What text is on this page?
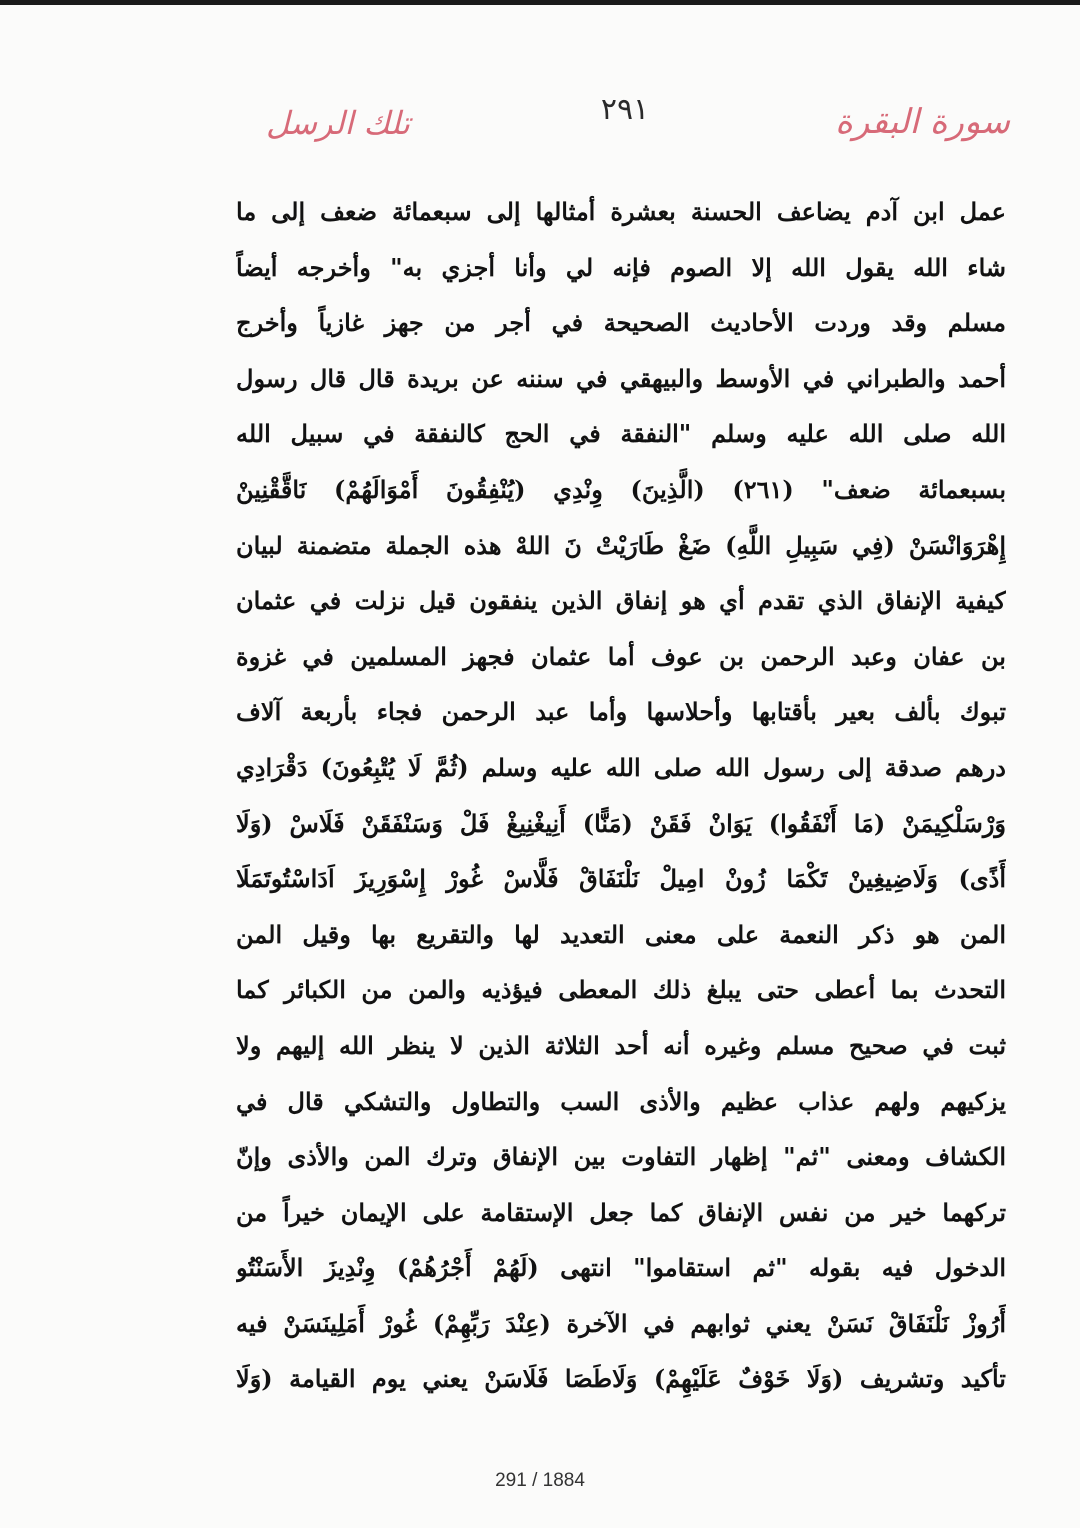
سورة البقرة
٢٩١
تلك الرسل
عمل ابن آدم يضاعف الحسنة بعشرة أمثالها إلى سبعمائة ضعف إلى ما
شاء الله يقول الله إلا الصوم فإنه لي وأنا أجزي به" وأخرجه أيضاً
مسلم وقد وردت الأحاديث الصحيحة في أجر من جهز غازياً وأخرج
أحمد والطبراني في الأوسط والبيهقي في سننه عن بريدة قال قال رسول
الله صلى الله عليه وسلم "النفقة في الحج كالنفقة في سبيل الله
بسبعمائة ضعف" (٢٦١) (الَّذِينَ) وِنْدِي (يُنْفِقُونَ أَمْوَالَهُمْ) نَاقَّقْنِينْ
إِهْرَوَانْسَنْ (فِي سَبِيلِ اللَّهِ) ضَغْ طَارَيْتْ نَ اللهْ هذه الجملة متضمنة لبيان
كيفية الإنفاق الذي تقدم أي هو إنفاق الذين ينفقون قيل نزلت في عثمان
بن عفان وعبد الرحمن بن عوف أما عثمان فجهز المسلمين في غزوة
تبوك بألف بعير بأقتابها وأحلاسها وأما عبد الرحمن فجاء بأربعة آلاف
درهم صدقة إلى رسول الله صلى الله عليه وسلم (ثُمَّ لَا يُتْبِعُونَ) دَقْرَادِي
وَرْسَلْكِيمَنْ (مَا أَنْفَقُوا) يَوَانْ فَقَنْ (مَنًّا) أَنِيغْنِيغْ فَلْ وَسَنْفَقَنْ فَلَاسْ (وَلَا
أَذًى) وَلَاضِيغِينْ تَكْمَا زُونْ امِيلْ نَلْنَفَاقْ فَلَّاسْ غُورْ إِسْوَرِيزَ اَدَاسْتُوتَمَلَا
المن هو ذكر النعمة على معنى التعديد لها والتقريع بها وقيل المن
التحدث بما أعطى حتى يبلغ ذلك المعطى فيؤذيه والمن من الكبائر كما
ثبت في صحيح مسلم وغيره أنه أحد الثلاثة الذين لا ينظر الله إليهم ولا
يزكيهم ولهم عذاب عظيم والأذى السب والتطاول والتشكي قال في
الكشاف ومعنى "ثم" إظهار التفاوت بين الإنفاق وترك المن والأذى وإنّ
تركهما خير من نفس الإنفاق كما جعل الإستقامة على الإيمان خيراً من
الدخول فيه بقوله "ثم استقاموا" انتهى (لَهُمْ أَجْرُهُمْ) وِنْدِيزَ الأَسَنْتُو
أَرُوزْ نَلْنَفَاقْ نَسَنْ يعني ثوابهم في الآخرة (عِنْدَ رَبِّهِمْ) غُورْ أَمَلِينَسَنْ فيه
تأكيد وتشريف (وَلَا خَوْفٌ عَلَيْهِمْ) وَلَاطَصَا فَلَاسَنْ يعني يوم القيامة (وَلَا
291 / 1884
